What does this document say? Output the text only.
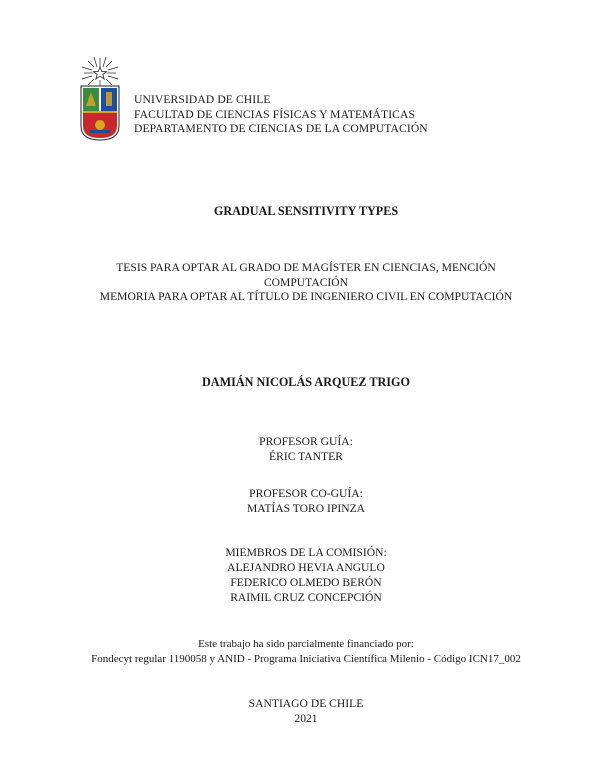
UNIVERSIDAD DE CHILE
FACULTAD DE CIENCIAS FÍSICAS Y MATEMÁTICAS
DEPARTAMENTO DE CIENCIAS DE LA COMPUTACIÓN
GRADUAL SENSITIVITY TYPES
TESIS PARA OPTAR AL GRADO DE MAGÍSTER EN CIENCIAS, MENCIÓN
COMPUTACIÓN
MEMORIA PARA OPTAR AL TÍTULO DE INGENIERO CIVIL EN COMPUTACIÓN
DAMIÁN NICOLÁS ARQUEZ TRIGO
PROFESOR GUÍA:
ÉRIC TANTER
PROFESOR CO-GUÍA:
MATÍAS TORO IPINZA
MIEMBROS DE LA COMISIÓN:
ALEJANDRO HEVIA ANGULO
FEDERICO OLMEDO BERÓN
RAIMIL CRUZ CONCEPCIÓN
Este trabajo ha sido parcialmente financiado por:
Fondecyt regular 1190058 y ANID - Programa Iniciativa Científica Milenio - Código ICN17_002
SANTIAGO DE CHILE
2021
